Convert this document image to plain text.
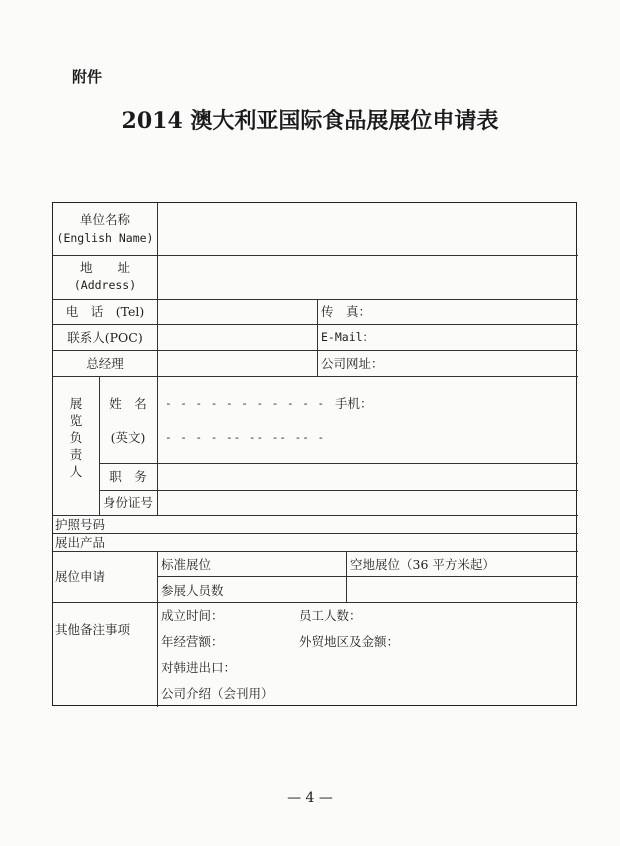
附件
2014 澳大利亚国际食品展展位申请表
单位名称
(English Name)
地　　址
(Address)
电　话　(Tel)	传　真：
联系人(POC)	E-Mail：
总经理	公司网址：
展览负责人
姓　名	- - - - - - - - - - - 手机：
(英文)	- - - - -- -- -- -- -
职　务
身份证号
护照号码
展出产品
展位申请
标准展位	空地展位（36 平方米起）
参展人员数
其他备注事项
成立时间：	员工人数：
年经营额：	外贸地区及金额：
对韩进出口：
公司介绍（会刊用）
— 4 —
